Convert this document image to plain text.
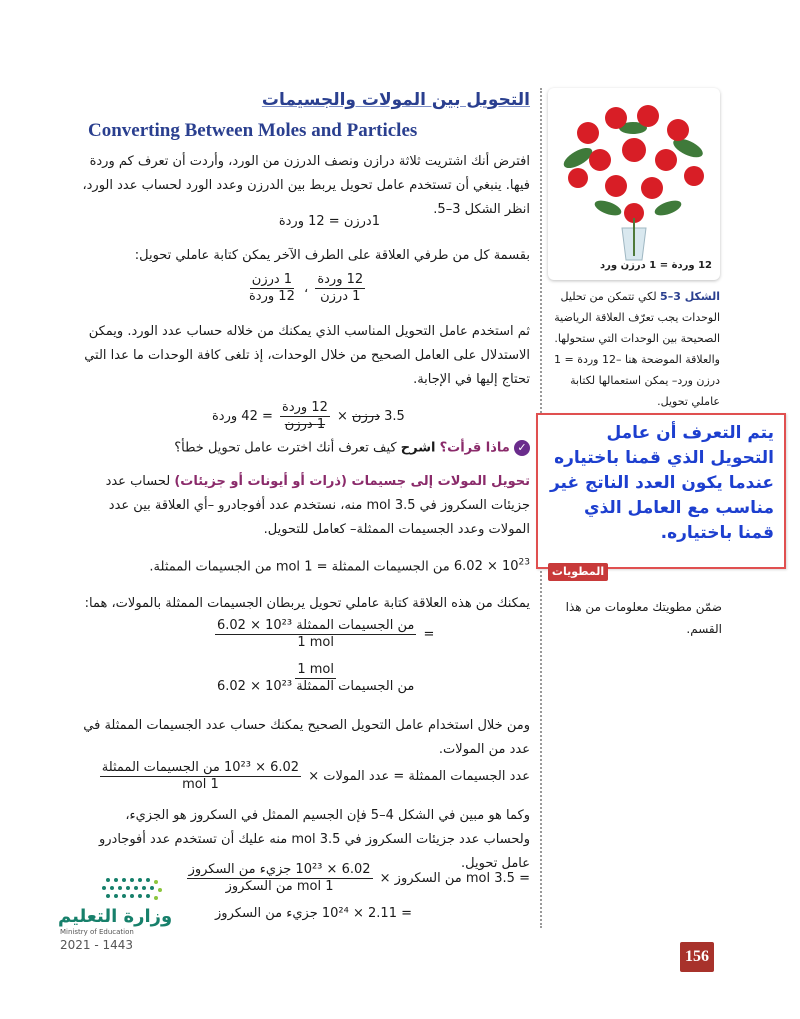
التحويل بين المولات والجسيمات
Converting Between Moles and Particles
افترض أنك اشتريت ثلاثة درازن ونصف الدرزن من الورد، وأردت أن تعرف كم وردة فيها. ينبغي أن تستخدم عامل تحويل يربط بين الدرزن وعدد الورد لحساب عدد الورد، انظر الشكل 3–5.
1درزن = 12 وردة
بقسمة كل من طرفي العلاقة على الطرف الآخر يمكن كتابة عاملي تحويل:
$\frac{\text{12 وردة}}{\text{1 درزن}}$
،
$\frac{\text{1 درزن}}{\text{12 وردة}}$
ثم استخدم عامل التحويل المناسب الذي يمكنك من خلاله حساب عدد الورد. ويمكن الاستدلال على العامل الصحيح من خلال الوحدات، إذ تلغى كافة الوحدات ما عدا التي تحتاج إليها في الإجابة.
3.5 درزن ×
$\frac{\text{12 وردة}}{\text{1 درزن}}$
= 42 وردة
✓ ماذا قرأت؟ اشرح كيف تعرف أنك اخترت عامل تحويل خطأ؟
تحويل المولات إلى جسيمات (ذرات أو أيونات أو جزيئات) لحساب عدد جزيئات السكروز في 3.5 mol منه، نستخدم عدد أفوجادرو –أي العلاقة بين عدد المولات وعدد الجسيمات الممثلة– كعامل للتحويل.
$6.02 \times 10^{23}$ من الجسيمات الممثلة = 1 mol من الجسيمات الممثلة.
يمكنك من هذه العلاقة كتابة عاملي تحويل يربطان الجسيمات الممثلة بالمولات، هما:
$\frac{\text{6.02 × 10²³ من الجسيمات الممثلة}}{\text{1 mol}}$ =
$\frac{\text{1 mol}}{\text{6.02 × 10²³ من الجسيمات الممثلة}}$
ومن خلال استخدام عامل التحويل الصحيح يمكنك حساب عدد الجسيمات الممثلة في عدد من المولات.
عدد الجسيمات الممثلة = عدد المولات ×
$\frac{\text{6.02 × 10²³ من الجسيمات الممثلة}}{\text{1 mol}}$
وكما هو مبين في الشكل 4–5 فإن الجسيم الممثل في السكروز هو الجزيء، ولحساب عدد جزيئات السكروز في 3.5 mol منه عليك أن تستخدم عدد أفوجادرو عامل تحويل.
= 3.5 mol من السكروز ×
$\frac{\text{6.02 × 10²³ جزيء من السكروز}}{\text{1 mol من السكروز}}$
= 2.11 × 10²⁴ جزيء من السكروز
12 وردة = 1 درزن ورد
الشكل 3–5 لكي تتمكن من تحليل الوحدات يجب تعرّف العلاقة الرياضية الصحيحة بين الوحدات التي ستحولها. والعلاقة الموضحة هنا –12 وردة = 1 درزن ورد– يمكن استعمالها لكتابة عاملي تحويل.
يتم التعرف أن عامل التحويل الذي قمنا باختياره عندما يكون العدد الناتج غير مناسب مع العامل الذي قمنا باختياره.
المطويات
ضمّن مطويتك معلومات من هذا القسم.
وزارة التعليم
Ministry of Education
2021 - 1443
156
